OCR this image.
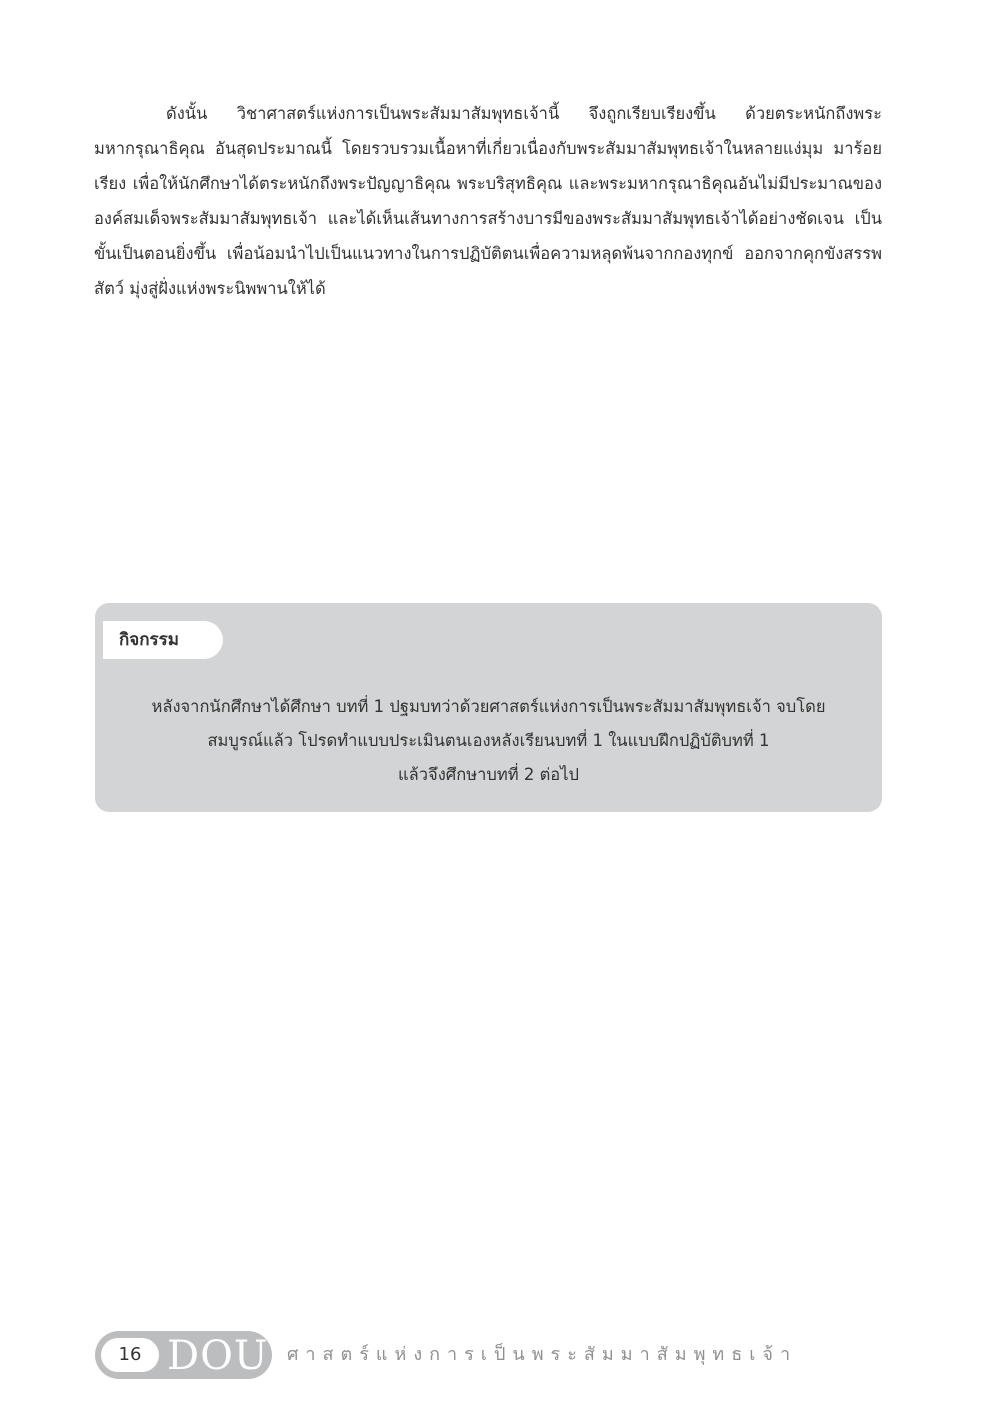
ดังนั้น วิชาศาสตร์แห่งการเป็นพระสัมมาสัมพุทธเจ้านี้ จึงถูกเรียบเรียงขึ้น ด้วยตระหนักถึงพระมหากรุณาธิคุณ อันสุดประมาณนี้ โดยรวบรวมเนื้อหาที่เกี่ยวเนื่องกับพระสัมมาสัมพุทธเจ้าในหลายแง่มุม มาร้อยเรียง เพื่อให้นักศึกษาได้ตระหนักถึงพระปัญญาธิคุณ พระบริสุทธิคุณ และพระมหากรุณาธิคุณอันไม่มีประมาณขององค์สมเด็จพระสัมมาสัมพุทธเจ้า และได้เห็นเส้นทางการสร้างบารมีของพระสัมมาสัมพุทธเจ้าได้อย่างชัดเจน เป็นขั้นเป็นตอนยิ่งขึ้น เพื่อน้อมนำไปเป็นแนวทางในการปฏิบัติตนเพื่อความหลุดพ้นจากกองทุกข์ ออกจากคุกขังสรรพสัตว์ มุ่งสู่ฝั่งแห่งพระนิพพานให้ได้

กิจกรรม

หลังจากนักศึกษาได้ศึกษา บทที่ 1 ปฐมบทว่าด้วยศาสตร์แห่งการเป็นพระสัมมาสัมพุทธเจ้า จบโดย
สมบูรณ์แล้ว โปรดทำแบบประเมินตนเองหลังเรียนบทที่ 1 ในแบบฝึกปฏิบัติบทที่ 1
แล้วจึงศึกษาบทที่ 2 ต่อไป

16 DOU ศาสตร์แห่งการเป็นพระสัมมาสัมพุทธเจ้า
